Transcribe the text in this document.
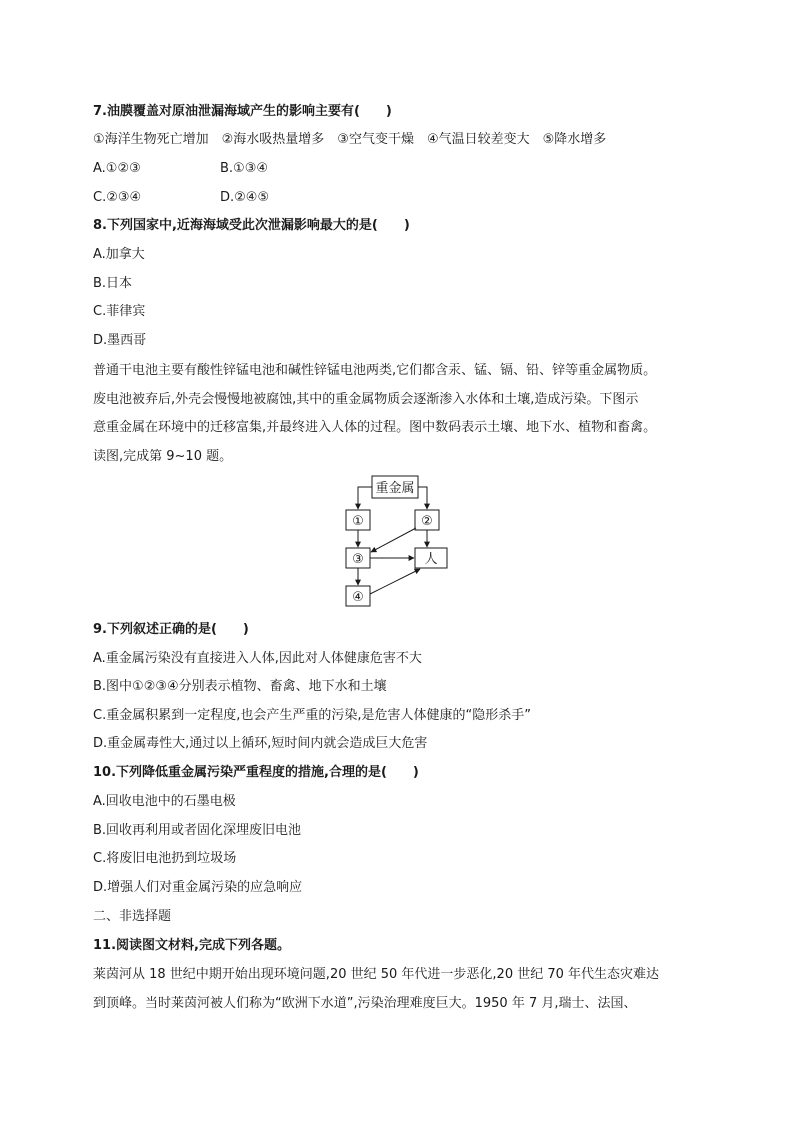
7.油膜覆盖对原油泄漏海域产生的影响主要有(　　)
①海洋生物死亡增加　②海水吸热量增多　③空气变干燥　④气温日较差变大　⑤降水增多
A.①②③	B.①③④
C.②③④	D.②④⑤
8.下列国家中,近海海域受此次泄漏影响最大的是(　　)
A.加拿大
B.日本
C.菲律宾
D.墨西哥
普通干电池主要有酸性锌锰电池和碱性锌锰电池两类,它们都含汞、锰、镉、铅、锌等重金属物质。
废电池被弃后,外壳会慢慢地被腐蚀,其中的重金属物质会逐渐渗入水体和土壤,造成污染。下图示
意重金属在环境中的迁移富集,并最终进入人体的过程。图中数码表示土壤、地下水、植物和畜禽。
读图,完成第 9~10 题。
重金属
①	②
③	人
④
9.下列叙述正确的是(　　)
A.重金属污染没有直接进入人体,因此对人体健康危害不大
B.图中①②③④分别表示植物、畜禽、地下水和土壤
C.重金属积累到一定程度,也会产生严重的污染,是危害人体健康的“隐形杀手”
D.重金属毒性大,通过以上循环,短时间内就会造成巨大危害
10.下列降低重金属污染严重程度的措施,合理的是(　　)
A.回收电池中的石墨电极
B.回收再利用或者固化深埋废旧电池
C.将废旧电池扔到垃圾场
D.增强人们对重金属污染的应急响应
二、非选择题
11.阅读图文材料,完成下列各题。
莱茵河从 18 世纪中期开始出现环境问题,20 世纪 50 年代进一步恶化,20 世纪 70 年代生态灾难达
到顶峰。当时莱茵河被人们称为“欧洲下水道”,污染治理难度巨大。1950 年 7 月,瑞士、法国、
